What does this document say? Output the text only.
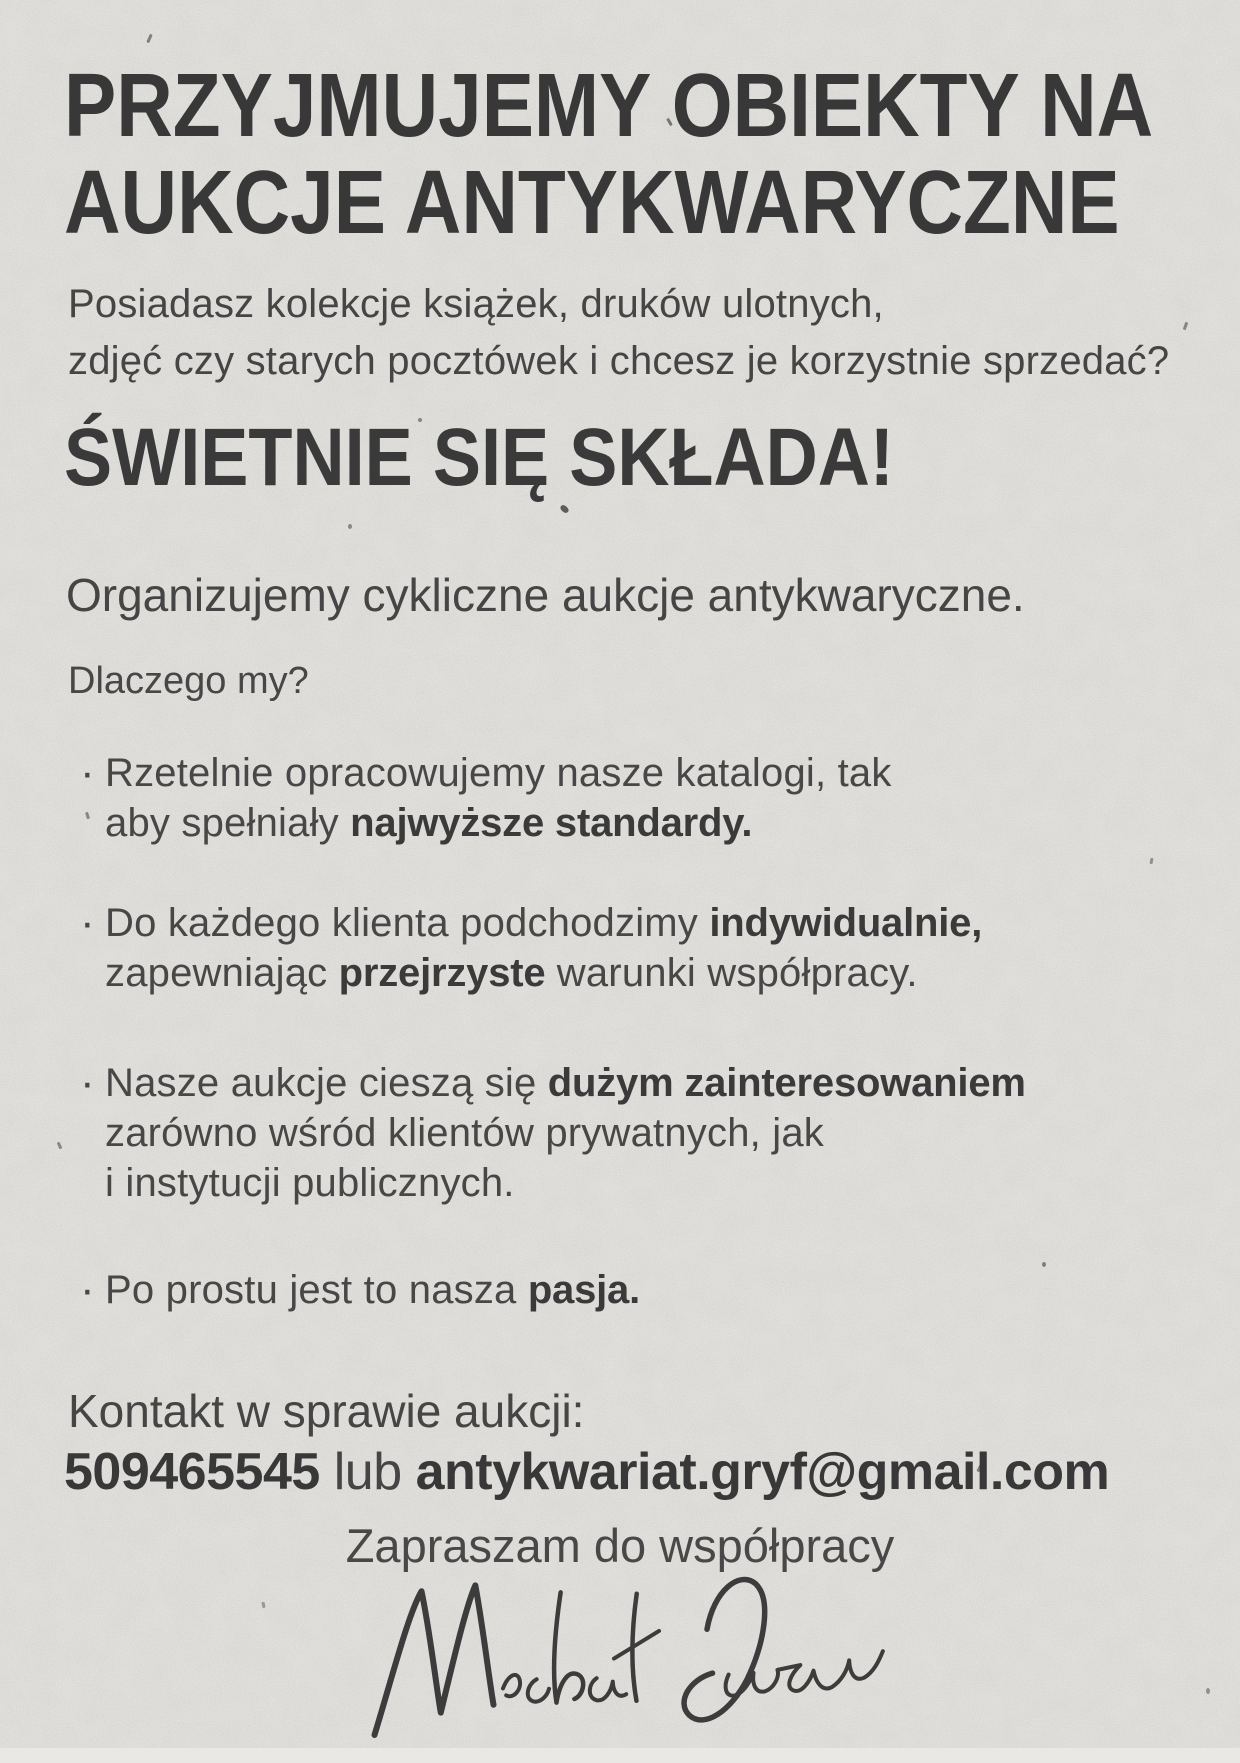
PRZYJMUJEMY OBIEKTY NA
AUKCJE ANTYKWARYCZNE
Posiadasz kolekcje książek, druków ulotnych,
zdjęć czy starych pocztówek i chcesz je korzystnie sprzedać?
ŚWIETNIE SIĘ SKŁADA!
Organizujemy cykliczne aukcje antykwaryczne.
Dlaczego my?
· Rzetelnie opracowujemy nasze katalogi, tak
aby spełniały najwyższe standardy.
· Do każdego klienta podchodzimy indywidualnie,
zapewniając przejrzyste warunki współpracy.
· Nasze aukcje cieszą się dużym zainteresowaniem
zarówno wśród klientów prywatnych, jak
i instytucji publicznych.
· Po prostu jest to nasza pasja.
Kontakt w sprawie aukcji:
509465545 lub antykwariat.gryf@gmail.com
Zapraszam do współpracy
